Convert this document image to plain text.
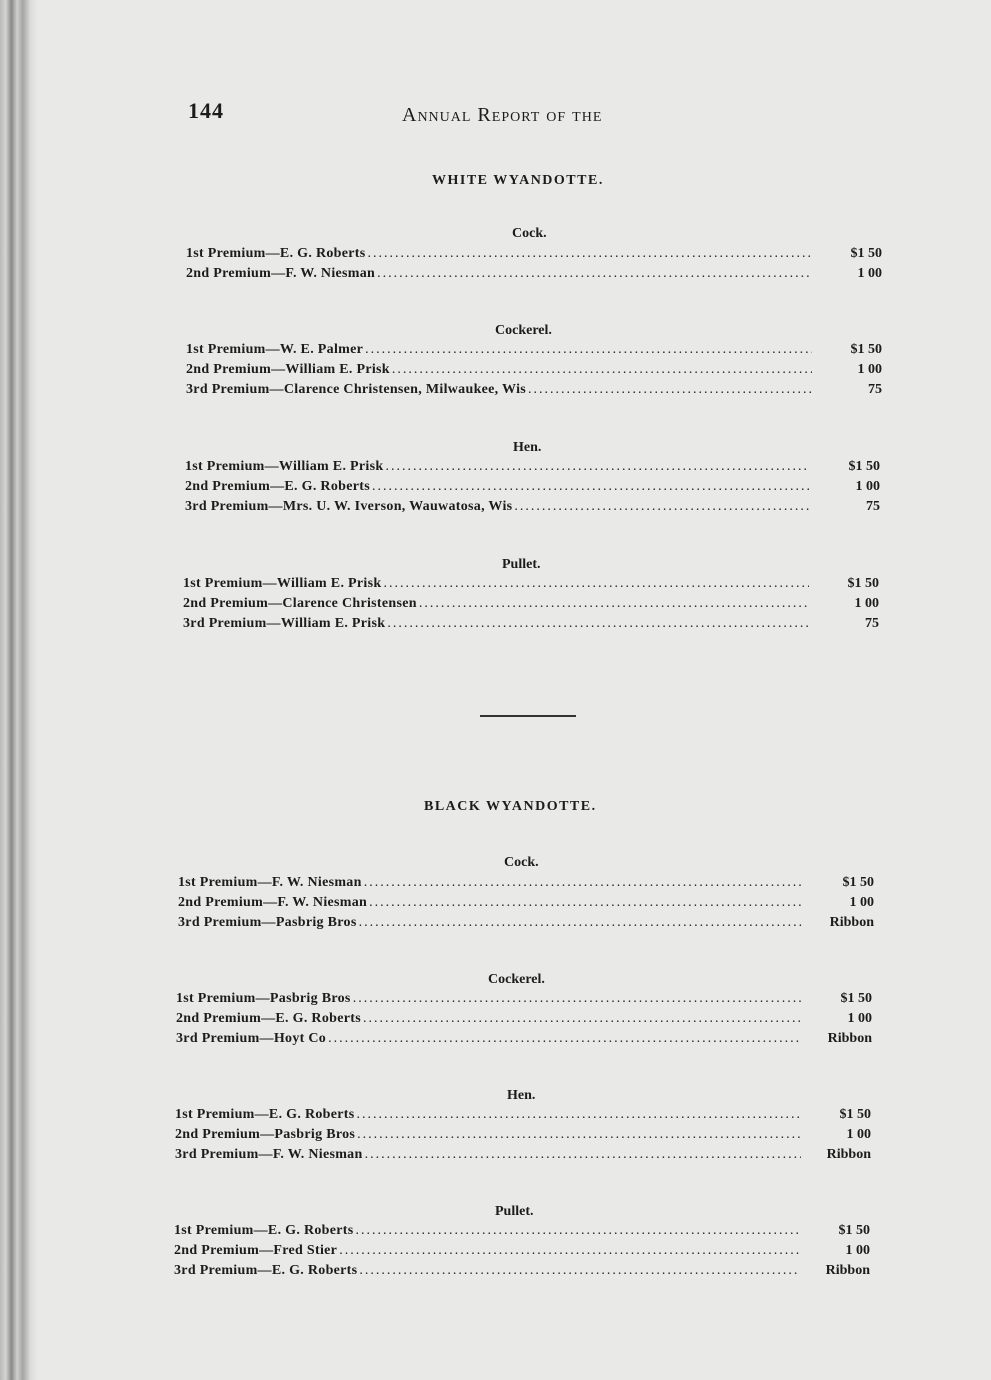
144	Annual Report of the
WHITE WYANDOTTE.
Cock.
1st Premium—E. G. Roberts .....	$1 50
2nd Premium—F. W. Niesman .....	1 00
Cockerel.
1st Premium—W. E. Palmer .....	$1 50
2nd Premium—William E. Prisk .....	1 00
3rd Premium—Clarence Christensen, Milwaukee, Wis .....	75
Hen.
1st Premium—William E. Prisk .....	$1 50
2nd Premium—E. G. Roberts .....	1 00
3rd Premium—Mrs. U. W. Iverson, Wauwatosa, Wis .....	75
Pullet.
1st Premium—William E. Prisk .....	$1 50
2nd Premium—Clarence Christensen .....	1 00
3rd Premium—William E. Prisk .....	75
BLACK WYANDOTTE.
Cock.
1st Premium—F. W. Niesman .....	$1 50
2nd Premium—F. W. Niesman .....	1 00
3rd Premium—Pasbrig Bros .....	Ribbon
Cockerel.
1st Premium—Pasbrig Bros .....	$1 50
2nd Premium—E. G. Roberts .....	1 00
3rd Premium—Hoyt Co .....	Ribbon
Hen.
1st Premium—E. G. Roberts .....	$1 50
2nd Premium—Pasbrig Bros .....	1 00
3rd Premium—F. W. Niesman .....	Ribbon
Pullet.
1st Premium—E. G. Roberts .....	$1 50
2nd Premium—Fred Stier .....	1 00
3rd Premium—E. G. Roberts .....	Ribbon
